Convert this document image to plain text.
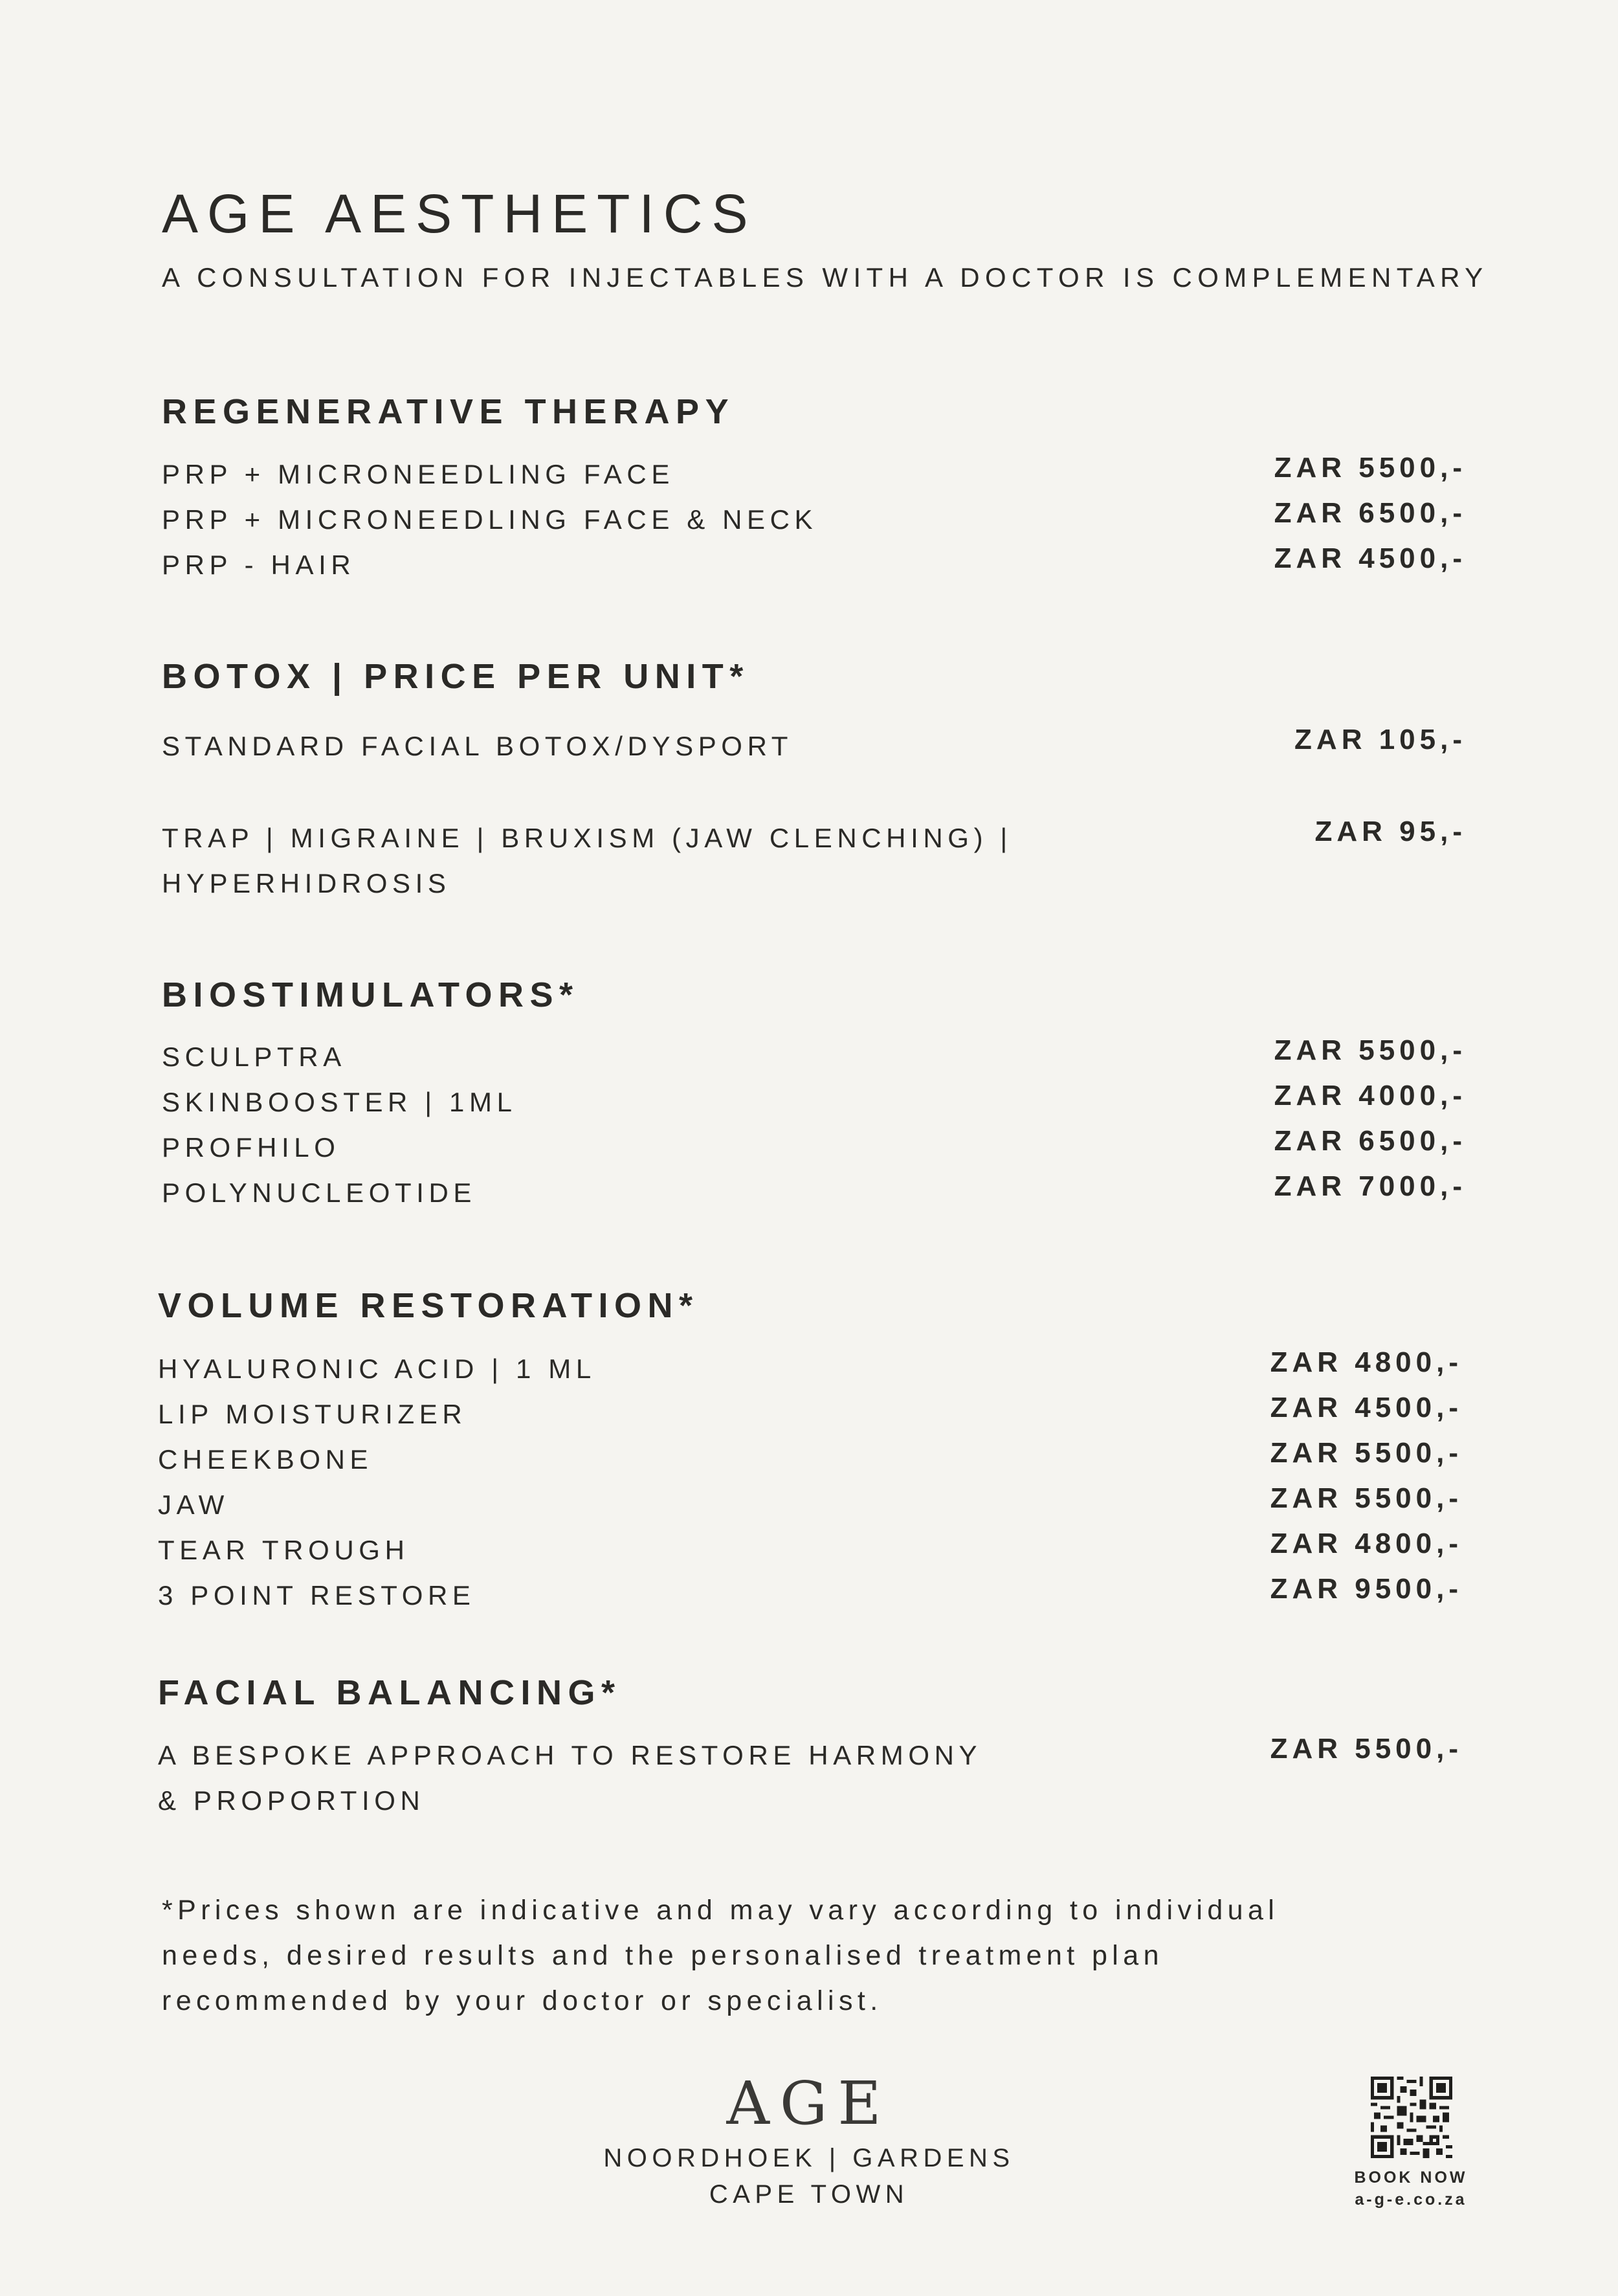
AGE AESTHETICS
A CONSULTATION FOR INJECTABLES WITH A DOCTOR IS COMPLEMENTARY
REGENERATIVE THERAPY
PRP + MICRONEEDLING FACE	ZAR 5500,-
PRP + MICRONEEDLING FACE & NECK	ZAR 6500,-
PRP - HAIR	ZAR 4500,-
BOTOX | PRICE PER UNIT*
STANDARD FACIAL BOTOX/DYSPORT	ZAR 105,-
TRAP | MIGRAINE | BRUXISM (JAW CLENCHING) |
HYPERHIDROSIS
ZAR 95,-
BIOSTIMULATORS*
SCULPTRA	ZAR 5500,-
SKINBOOSTER | 1ML	ZAR 4000,-
PROFHILO	ZAR 6500,-
POLYNUCLEOTIDE	ZAR 7000,-
VOLUME RESTORATION*
HYALURONIC ACID | 1 ML	ZAR 4800,-
LIP MOISTURIZER	ZAR 4500,-
CHEEKBONE	ZAR 5500,-
JAW	ZAR 5500,-
TEAR TROUGH	ZAR 4800,-
3 POINT RESTORE	ZAR 9500,-
FACIAL BALANCING*
A BESPOKE APPROACH TO RESTORE HARMONY
& PROPORTION
ZAR 5500,-
*Prices shown are indicative and may vary according to individual
needs, desired results and the personalised treatment plan
recommended by your doctor or specialist.
AGE
NOORDHOEK | GARDENS
CAPE TOWN
BOOK NOW
a-g-e.co.za
